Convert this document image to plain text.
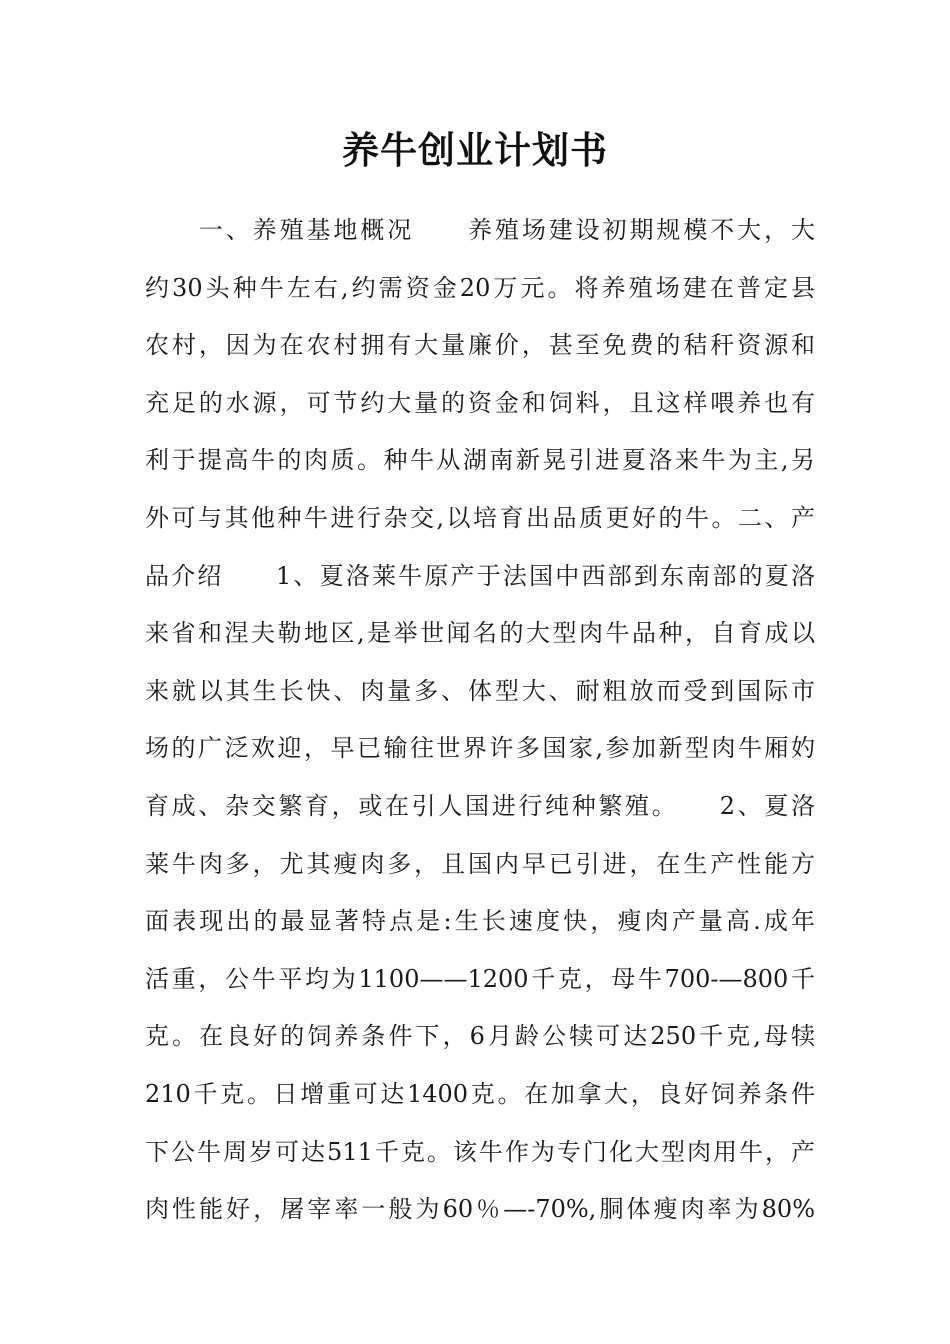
养牛创业计划书
　　一、养殖基地概况　　养殖场建设初期规模不大，大
约30头种牛左右,约需资金20万元。将养殖场建在普定县
农村，因为在农村拥有大量廉价，甚至免费的秸秆资源和
充足的水源，可节约大量的资金和饲料，且这样喂养也有
利于提高牛的肉质。种牛从湖南新晃引进夏洛来牛为主,另
外可与其他种牛进行杂交,以培育出品质更好的牛。二、产
品介绍　　1、夏洛莱牛原产于法国中西部到东南部的夏洛
来省和涅夫勒地区,是举世闻名的大型肉牛品种，自育成以
来就以其生长快、肉量多、体型大、耐粗放而受到国际市
场的广泛欢迎，早已输往世界许多国家,参加新型肉牛厢妁
育成、杂交繁育，或在引人国进行纯种繁殖。　　2、夏洛
莱牛肉多，尤其瘦肉多，且国内早已引进，在生产性能方
面表现出的最显著特点是:生长速度快，瘦肉产量高.成年
活重，公牛平均为1100——1200千克，母牛700-—800千
克。在良好的饲养条件下，6月龄公犊可达250千克,母犊
210千克。日增重可达1400克。在加拿大，良好饲养条件
下公牛周岁可达511千克。该牛作为专门化大型肉用牛，产
肉性能好，屠宰率一般为60％—-70%,胴体瘦肉率为80%
